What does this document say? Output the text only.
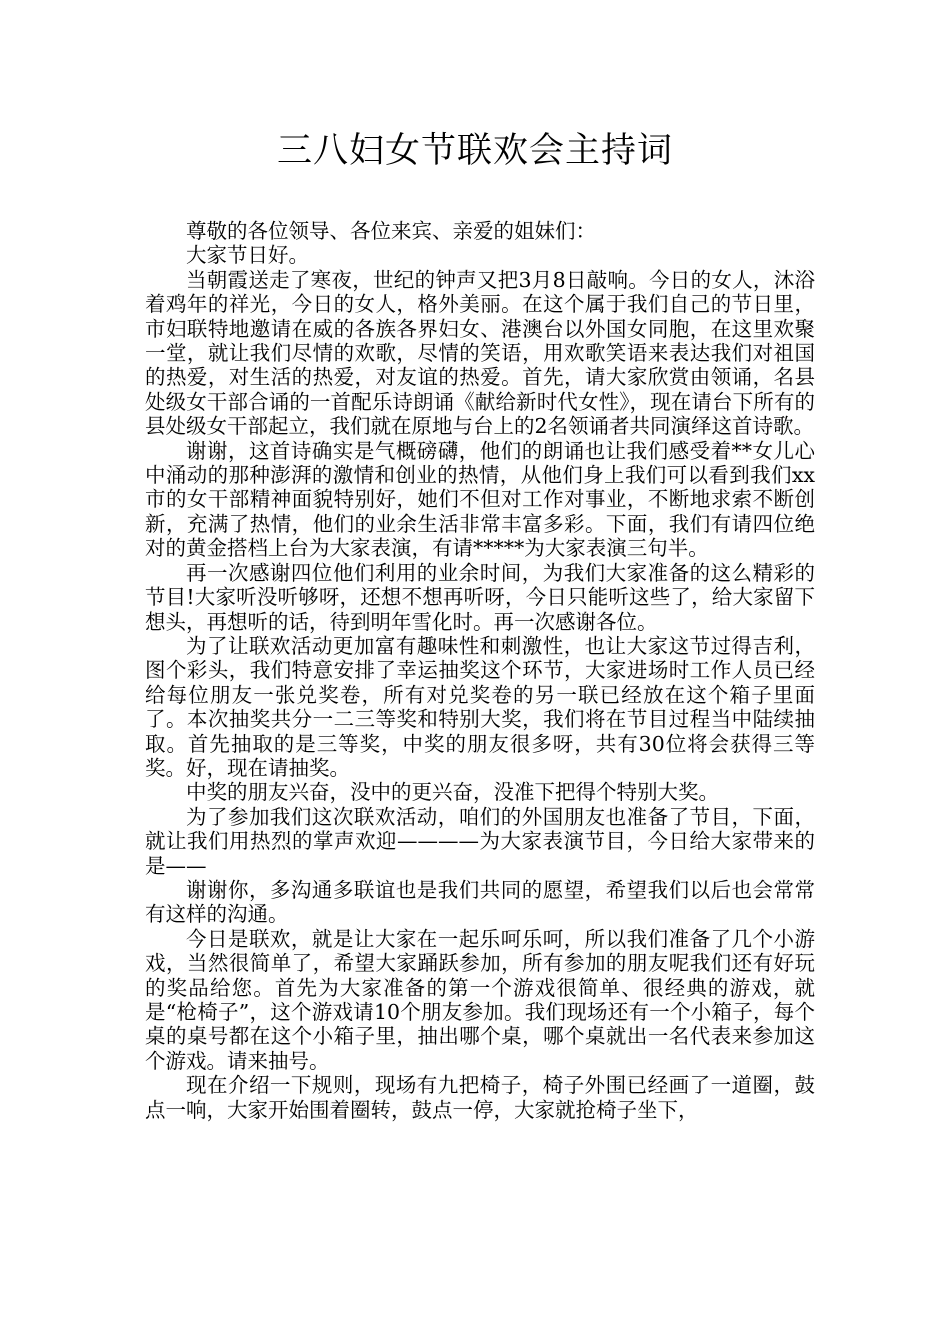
三八妇女节联欢会主持词

尊敬的各位领导、各位来宾、亲爱的姐妹们：

大家节日好。

当朝霞送走了寒夜，世纪的钟声又把3月8日敲响。今日的女人，沐浴着鸡年的祥光，今日的女人，格外美丽。在这个属于我们自己的节日里，市妇联特地邀请在威的各族各界妇女、港澳台以外国女同胞，在这里欢聚一堂，就让我们尽情的欢歌，尽情的笑语，用欢歌笑语来表达我们对祖国的热爱，对生活的热爱，对友谊的热爱。首先，请大家欣赏由领诵，名县处级女干部合诵的一首配乐诗朗诵《献给新时代女性》，现在请台下所有的县处级女干部起立，我们就在原地与台上的2名领诵者共同演绎这首诗歌。

谢谢，这首诗确实是气概磅礴，他们的朗诵也让我们感受着**女儿心中涌动的那种澎湃的激情和创业的热情，从他们身上我们可以看到我们xx市的女干部精神面貌特别好，她们不但对工作对事业，不断地求索不断创新，充满了热情，他们的业余生活非常丰富多彩。下面，我们有请四位绝对的黄金搭档上台为大家表演，有请*****为大家表演三句半。

再一次感谢四位他们利用的业余时间，为我们大家准备的这么精彩的节目!大家听没听够呀，还想不想再听呀，今日只能听这些了，给大家留下想头，再想听的话，待到明年雪化时。再一次感谢各位。

为了让联欢活动更加富有趣味性和刺激性，也让大家这节过得吉利，图个彩头，我们特意安排了幸运抽奖这个环节，大家进场时工作人员已经给每位朋友一张兑奖卷，所有对兑奖卷的另一联已经放在这个箱子里面了。本次抽奖共分一二三等奖和特别大奖，我们将在节目过程当中陆续抽取。首先抽取的是三等奖，中奖的朋友很多呀，共有30位将会获得三等奖。好，现在请抽奖。

中奖的朋友兴奋，没中的更兴奋，没准下把得个特别大奖。

为了参加我们这次联欢活动，咱们的外国朋友也准备了节目，下面，就让我们用热烈的掌声欢迎————为大家表演节目，今日给大家带来的是——

谢谢你，多沟通多联谊也是我们共同的愿望，希望我们以后也会常常有这样的沟通。

今日是联欢，就是让大家在一起乐呵乐呵，所以我们准备了几个小游戏，当然很简单了，希望大家踊跃参加，所有参加的朋友呢我们还有好玩的奖品给您。首先为大家准备的第一个游戏很简单、很经典的游戏，就是“枪椅子”，这个游戏请10个朋友参加。我们现场还有一个小箱子，每个桌的桌号都在这个小箱子里，抽出哪个桌，哪个桌就出一名代表来参加这个游戏。请来抽号。

现在介绍一下规则，现场有九把椅子，椅子外围已经画了一道圈，鼓点一响，大家开始围着圈转，鼓点一停，大家就抢椅子坐下，
